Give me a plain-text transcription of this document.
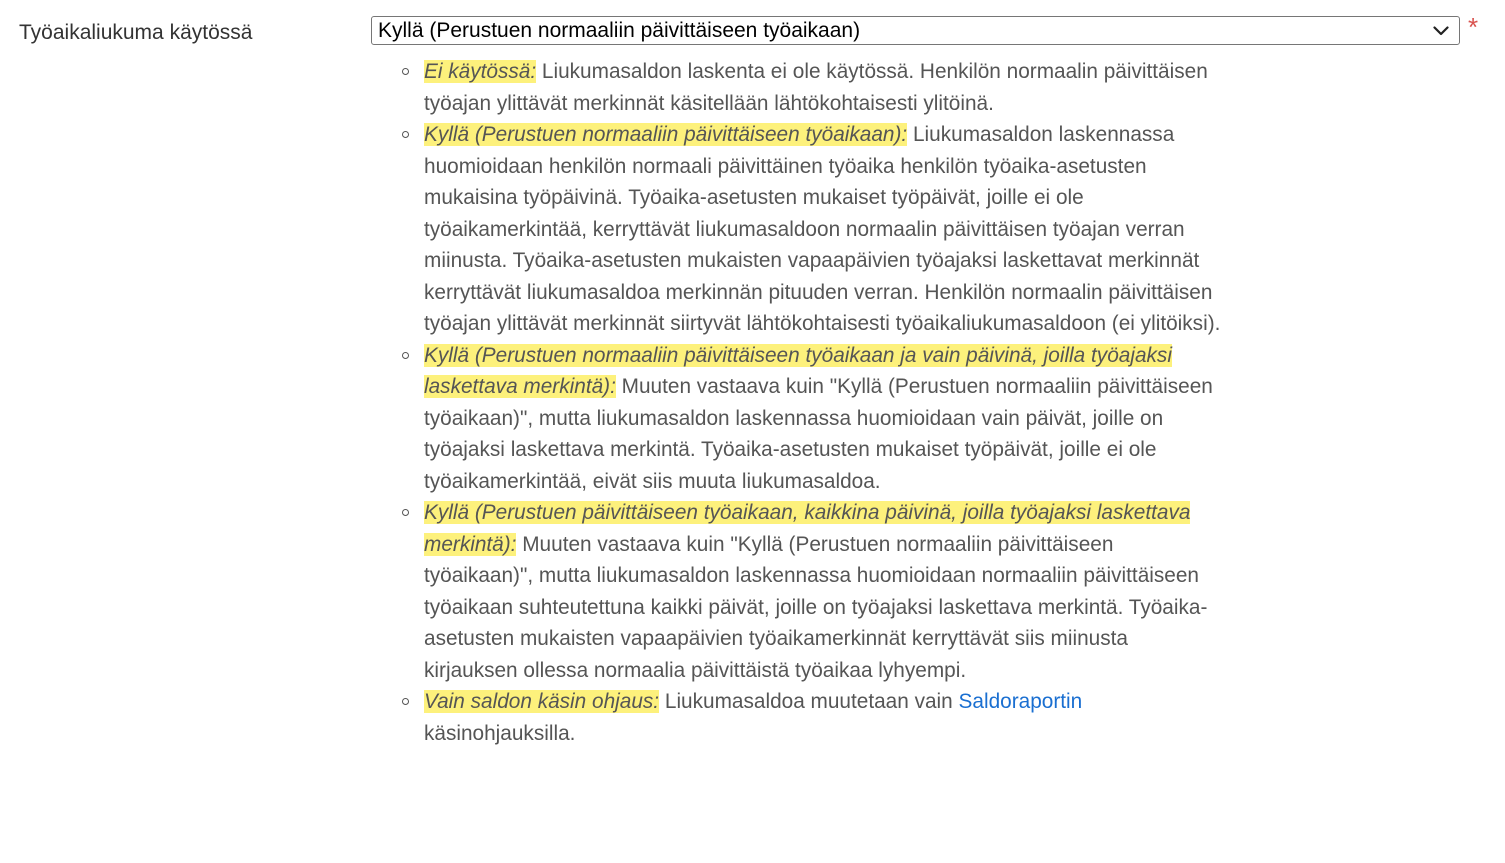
Työaikaliukuma käytössä	Kyllä (Perustuen normaaliin päivittäiseen työaikaan)	*
Ei käytössä: Liukumasaldon laskenta ei ole käytössä. Henkilön normaalin päivittäisen työajan ylittävät merkinnät käsitellään lähtökohtaisesti ylitöinä.
Kyllä (Perustuen normaaliin päivittäiseen työaikaan): Liukumasaldon laskennassa huomioidaan henkilön normaali päivittäinen työaika henkilön työaika-asetusten mukaisina työpäivinä. Työaika-asetusten mukaiset työpäivät, joille ei ole työaikamerkintää, kerryttävät liukumasaldoon normaalin päivittäisen työajan verran miinusta. Työaika-asetusten mukaisten vapaapäivien työajaksi laskettavat merkinnät kerryttävät liukumasaldoa merkinnän pituuden verran. Henkilön normaalin päivittäisen työajan ylittävät merkinnät siirtyvät lähtökohtaisesti työaikaliukumasaldoon (ei ylitöiksi).
Kyllä (Perustuen normaaliin päivittäiseen työaikaan ja vain päivinä, joilla työajaksi laskettava merkintä): Muuten vastaava kuin "Kyllä (Perustuen normaaliin päivittäiseen työaikaan)", mutta liukumasaldon laskennassa huomioidaan vain päivät, joille on työajaksi laskettava merkintä. Työaika-asetusten mukaiset työpäivät, joille ei ole työaikamerkintää, eivät siis muuta liukumasaldoa.
Kyllä (Perustuen päivittäiseen työaikaan, kaikkina päivinä, joilla työajaksi laskettava merkintä): Muuten vastaava kuin "Kyllä (Perustuen normaaliin päivittäiseen työaikaan)", mutta liukumasaldon laskennassa huomioidaan normaaliin päivittäiseen työaikaan suhteutettuna kaikki päivät, joille on työajaksi laskettava merkintä. Työaika-asetusten mukaisten vapaapäivien työaikamerkinnät kerryttävät siis miinusta kirjauksen ollessa normaalia päivittäistä työaikaa lyhyempi.
Vain saldon käsin ohjaus: Liukumasaldoa muutetaan vain Saldoraportin käsinohjauksilla.
